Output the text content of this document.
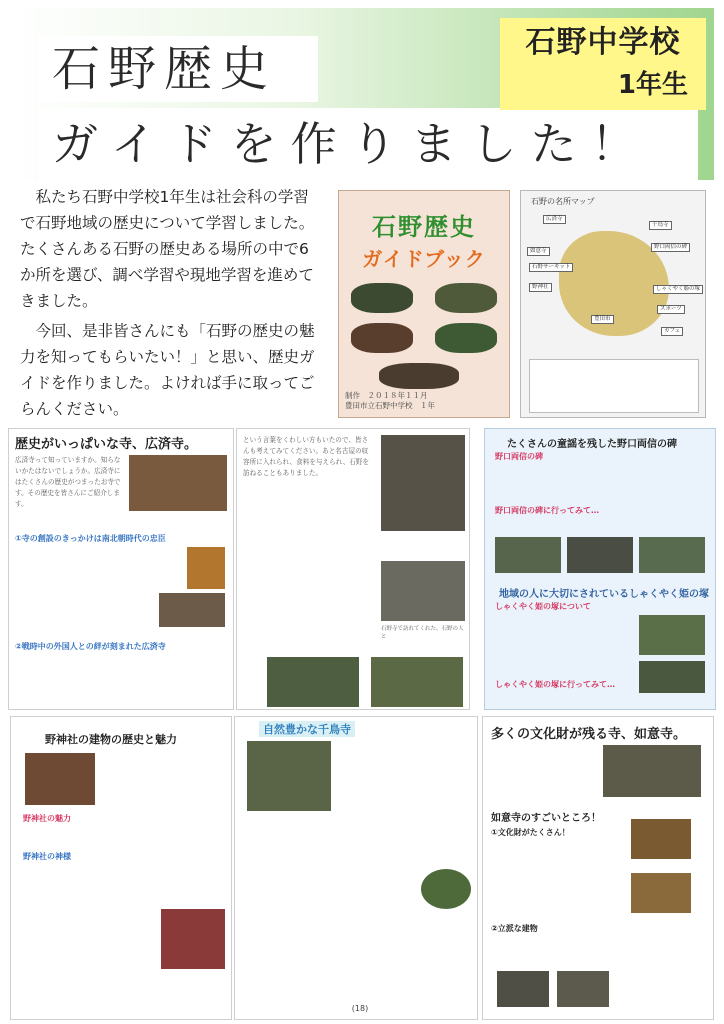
石野歴史
ガイドを作りました！
石野中学校
1年生

私たち石野中学校1年生は社会科の学習で石野地域の歴史について学習しました。たくさんある石野の歴史ある場所の中で6か所を選び、調べ学習や現地学習を進めてきました。

今回、是非皆さんにも「石野の歴史の魅力を知ってもらいたい！」と思い、歴史ガイドを作りました。よければ手に取ってごらんください。

石野歴史
ガイドブック
制作　２０１８年１１月
豊田市立石野中学校　１年
石野の名所マップ
広済寺
千鳥寺
如意寺
野口両信の碑
しゃくやく姫の塚
野神社
石野サーキット
豊田市
スポーツ
カフェ
歴史がいっぱいな寺、広済寺。
広済寺って知っていますか。知らないかたはないでしょうか。広済寺にはたくさんの歴史がつまったお寺です。その歴史を皆さんにご紹介します。
①寺の創設のきっかけは南北朝時代の忠臣
②戦時中の外国人との絆が刻まれた広済寺
という言葉をくわしい方もいたので、皆さんも考えてみてください。あと名古屋の収容所に入れられ、食料を与えられ、石野を訪ねることもありました。
石野寺で訪れてくれた、石野の人と
たくさんの童謡を残した野口両信の碑
野口両信の碑
野口両信の碑に行ってみて…
地域の人に大切にされているしゃくやく姫の塚
しゃくやく姫の塚について
しゃくやく姫の塚に行ってみて…
野神社の建物の歴史と魅力
野神社の魅力
野神社の神様
自然豊かな千鳥寺	多くの文化財が残る寺、如意寺。
如意寺のすごいところ！
①文化財がたくさん！
②立派な建物
(18)
